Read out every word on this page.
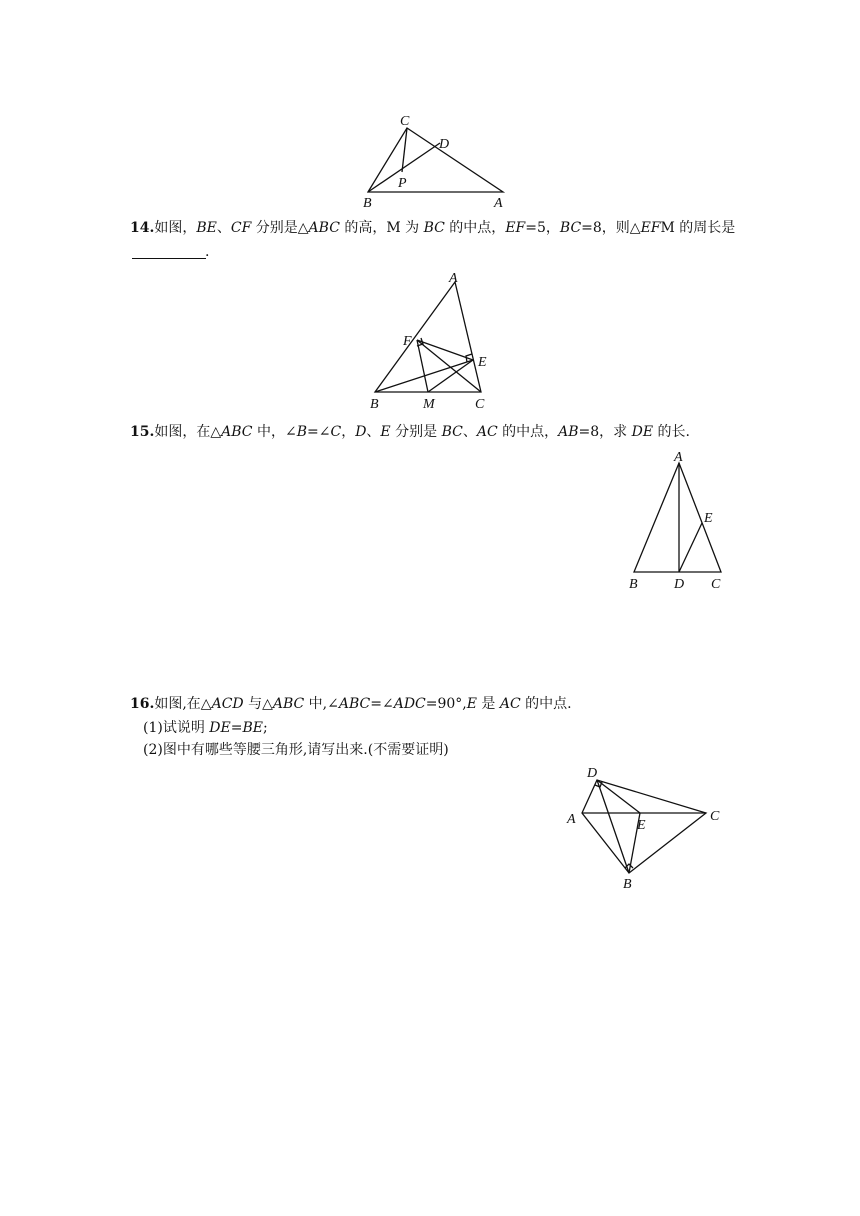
C
D
P
B	A
14.如图，BE、CF 分别是△ABC 的高，M 为 BC 的中点，EF=5，BC=8，则△EFM 的周长是
.
A
F
E
B	M	C
15.如图，在△ABC 中，∠B=∠C，D、E 分别是 BC、AC 的中点，AB=8，求 DE 的长.
A
E
B	D C
16.如图,在△ACD 与△ABC 中,∠ABC=∠ADC=90°,E 是 AC 的中点.
(1)试说明 DE=BE;
(2)图中有哪些等腰三角形,请写出来.(不需要证明)
D
A	E
C
B
